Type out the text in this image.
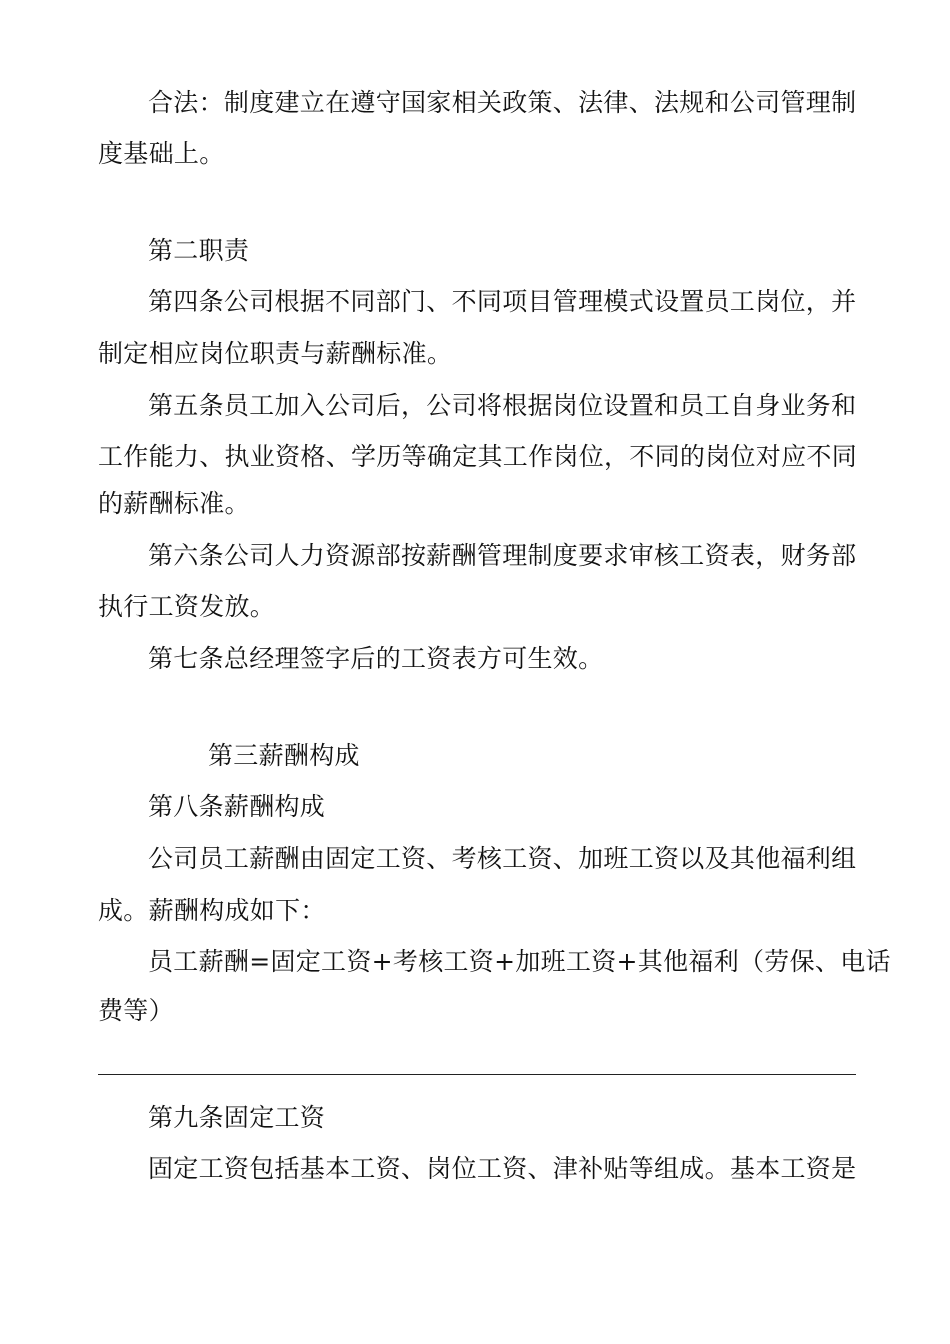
合法：制度建立在遵守国家相关政策、法律、法规和公司管理制
度基础上。
第二职责
第四条公司根据不同部门、不同项目管理模式设置员工岗位，并
制定相应岗位职责与薪酬标准。
第五条员工加入公司后，公司将根据岗位设置和员工自身业务和
工作能力、执业资格、学历等确定其工作岗位，不同的岗位对应不同
的薪酬标准。
第六条公司人力资源部按薪酬管理制度要求审核工资表，财务部
执行工资发放。
第七条总经理签字后的工资表方可生效。
第三薪酬构成
第八条薪酬构成
公司员工薪酬由固定工资、考核工资、加班工资以及其他福利组
成。薪酬构成如下：
员工薪酬=固定工资+考核工资+加班工资+其他福利（劳保、电话
费等）
第九条固定工资
固定工资包括基本工资、岗位工资、津补贴等组成。基本工资是
